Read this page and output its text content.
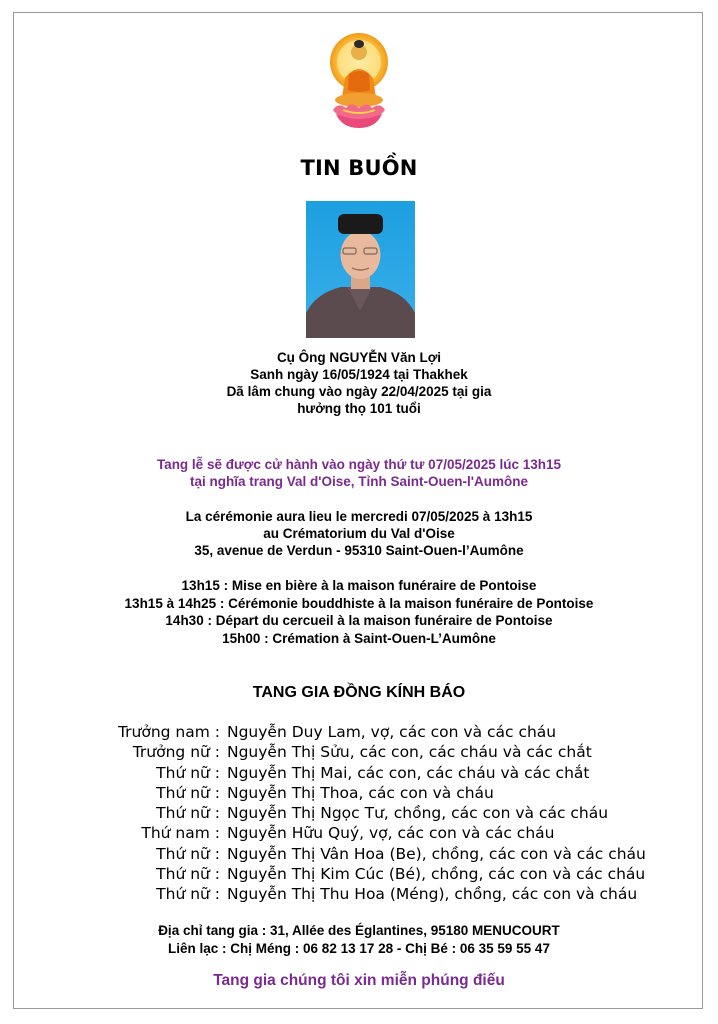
TIN BUỒN
Cụ Ông NGUYỄN Văn Lợi
Sanh ngày 16/05/1924 tại Thakhek
Dã lâm chung vào ngày 22/04/2025 tại gia
hưởng thọ 101 tuổi
Tang lễ sẽ được cử hành vào ngày thứ tư 07/05/2025 lúc 13h15
tại nghĩa trang Val d'Oise, Tỉnh Saint-Ouen-l'Aumône
La cérémonie aura lieu le mercredi 07/05/2025 à 13h15
au Crématorium du Val d'Oise
35, avenue de Verdun - 95310 Saint-Ouen-l’Aumône
13h15 : Mise en bière à la maison funéraire de Pontoise
13h15 à 14h25 : Cérémonie bouddhiste à la maison funéraire de Pontoise
14h30 : Départ du cercueil à la maison funéraire de Pontoise
15h00 : Crémation à Saint-Ouen-L’Aumône
TANG GIA ĐỒNG KÍNH BÁO
Trưởng nam : Nguyễn Duy Lam, vợ, các con và các cháu
Trưởng nữ : Nguyễn Thị Sửu, các con, các cháu và các chắt
Thứ nữ : Nguyễn Thị Mai, các con, các cháu và các chắt
Thứ nữ : Nguyễn Thị Thoa, các con và cháu
Thứ nữ : Nguyễn Thị Ngọc Tư, chồng, các con và các cháu
Thứ nam : Nguyễn Hữu Quý, vợ, các con và các cháu
Thứ nữ : Nguyễn Thị Vân Hoa (Be), chồng, các con và các cháu
Thứ nữ : Nguyễn Thị Kim Cúc (Bé), chồng, các con và các cháu
Thứ nữ : Nguyễn Thị Thu Hoa (Méng), chồng, các con và cháu
Địa chỉ tang gia : 31, Allée des Églantines, 95180 MENUCOURT
Liên lạc : Chị Méng : 06 82 13 17 28 - Chị Bé : 06 35 59 55 47
Tang gia chúng tôi xin miễn phúng điếu
